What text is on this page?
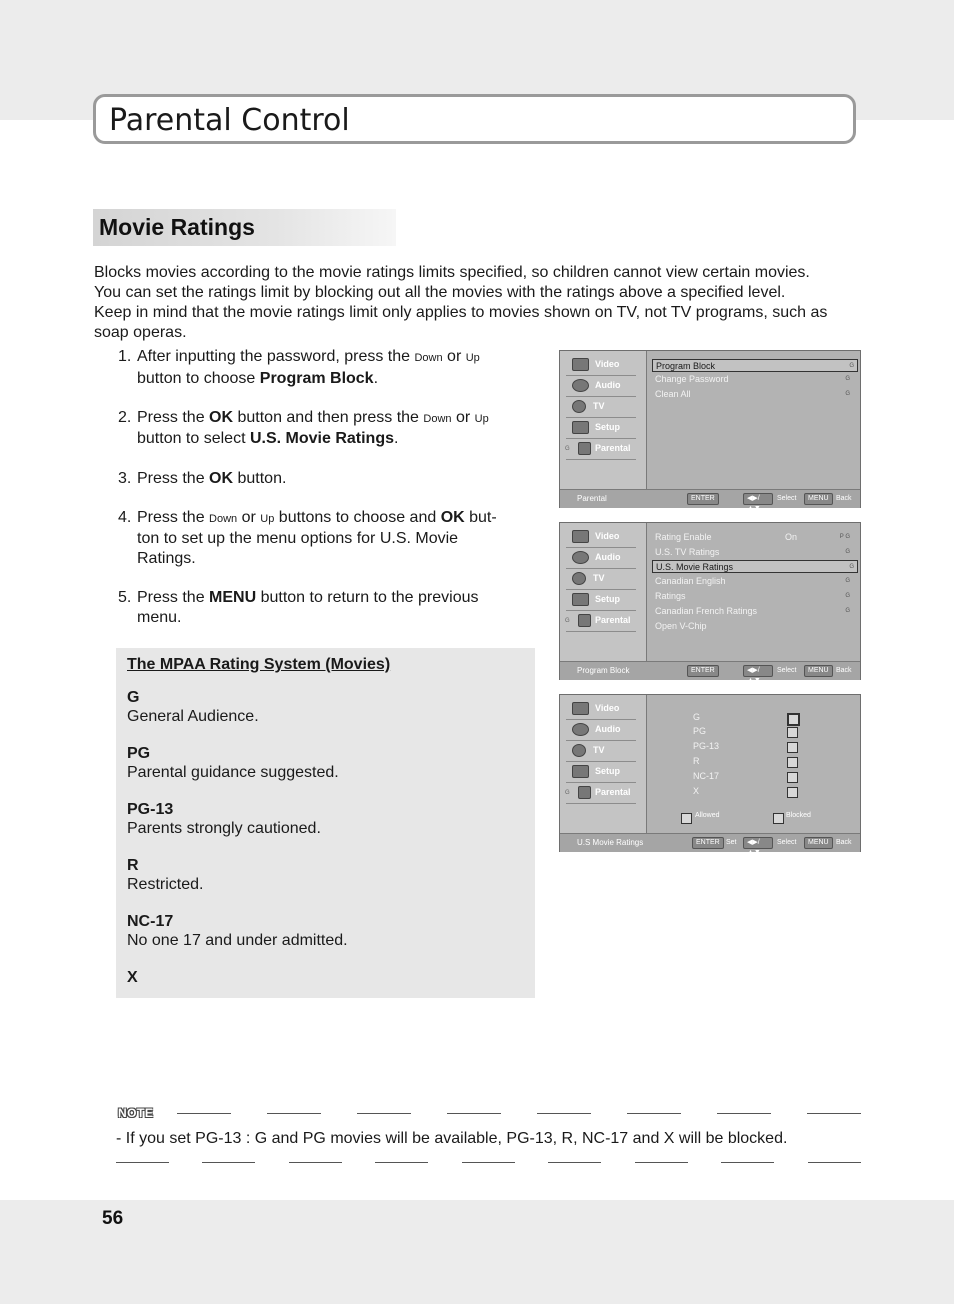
Parental Control
Movie Ratings

Blocks movies according to the movie ratings limits specified, so children cannot view certain movies.

You can set the ratings limit by blocking out all the movies with the ratings above a specified level.

Keep in mind that the movie ratings limit only applies to movies shown on TV, not TV programs, such as soap operas.

1. After inputting the password, press the Down or Up
button to choose Program Block.
2. Press the OK button and then press the Down or Up
button to select U.S. Movie Ratings.
3. Press the OK button.
4. Press the Down or Up buttons to choose and OK but-
ton to set up the menu options for U.S. Movie
Ratings.
5. Press the MENU button to return to the previous
menu.
The MPAA Rating System (Movies)
G
General Audience.
PG
Parental guidance suggested.
PG-13
Parents strongly cautioned.
R
Restricted.
NC-17
No one 17 and under admitted.
X
Video
Audio
TV
Setup
Parental
G
Program Block	G
Change Password	G
Clean All	G
Parental	ENTER	◀▶/▲▼
Select	MENU	Back
Video
Audio
TV
Setup
Parental
G
Rating Enable	On	P G
U.S. TV Ratings	G
U.S. Movie Ratings	G
Canadian English	G
Ratings	G
Canadian French Ratings	G
Open V-Chip
Program Block	ENTER	◀▶/▲▼
Select	MENU	Back
Video
Audio
TV
Setup
Parental
G
G
PG
PG-13
R
NC-17
X
Allowed	Blocked
U.S Movie Ratings	ENTER Set	◀▶/▲▼
Select	MENU	Back
NOTE
- If you set PG-13 : G and PG movies will be available, PG-13, R, NC-17 and X will be blocked.
56
